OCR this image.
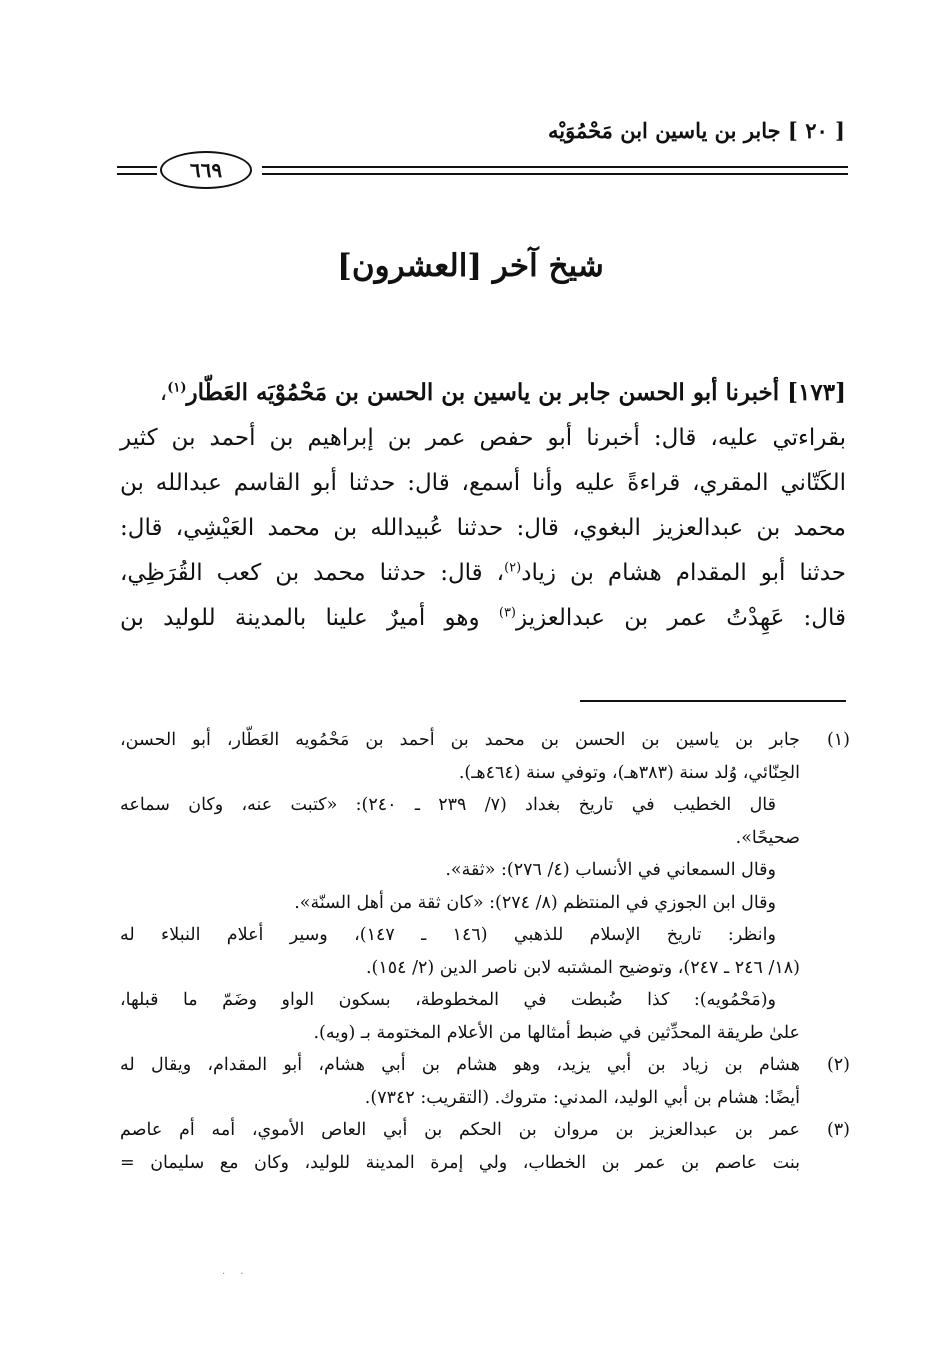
[ ٢٠ ] جابر بن ياسين ابن مَحْمُوَيْه
٦٦٩
شيخ آخر [العشرون]

[١٧٣] أخبرنا أبو الحسن جابر بن ياسين بن الحسن بن مَحْمُوْيَه العَطّار$^{(١)}$،

بقراءتي عليه، قال: أخبرنا أبو حفص عمر بن إبراهيم بن أحمد بن كثير

الكَتّاني المقري، قراءةً عليه وأنا أسمع، قال: حدثنا أبو القاسم عبدالله بن

محمد بن عبدالعزيز البغوي، قال: حدثنا عُبيدالله بن محمد العَيْشِي، قال:

حدثنا أبو المقدام هشام بن زياد$^{(٢)}$، قال: حدثنا محمد بن كعب القُرَظِي،

قال: عَهِدْتُ عمر بن عبدالعزيز$^{(٣)}$ وهو أميرٌ علينا بالمدينة للوليد بن

(١)

جابر بن ياسين بن الحسن بن محمد بن أحمد بن مَحْمُويه العَطّار، أبو الحسن،

الحِنّائي، وُلد سنة (٣٨٣هـ)، وتوفي سنة (٤٦٤هـ).

قال الخطيب في تاريخ بغداد (٧/ ٢٣٩ ـ ٢٤٠): «كتبت عنه، وكان سماعه

صحيحًا».

وقال السمعاني في الأنساب (٤/ ٢٧٦): «ثقة».

وقال ابن الجوزي في المنتظم (٨/ ٢٧٤): «كان ثقة من أهل السنّة».

وانظر: تاريخ الإسلام للذهبي (١٤٦ ـ ١٤٧)، وسير أعلام النبلاء له

(١٨/ ٢٤٦ ـ ٢٤٧)، وتوضيح المشتبه لابن ناصر الدين (٢/ ١٥٤).

و(مَحْمُويه): كذا ضُبطت في المخطوطة، بسكون الواو وضَمّ ما قبلها،

علىٰ طريقة المحدِّثين في ضبط أمثالها من الأعلام المختومة بـ (ويه).

(٢)

هشام بن زياد بن أبي يزيد، وهو هشام بن أبي هشام، أبو المقدام، ويقال له

أيضًا: هشام بن أبي الوليد، المدني: متروك. (التقريب: ٧٣٤٢).

(٣)

عمر بن عبدالعزيز بن مروان بن الحكم بن أبي العاص الأموي، أمه أم عاصم

بنت عاصم بن عمر بن الخطاب، ولي إمرة المدينة للوليد، وكان مع سليمان =

. .
